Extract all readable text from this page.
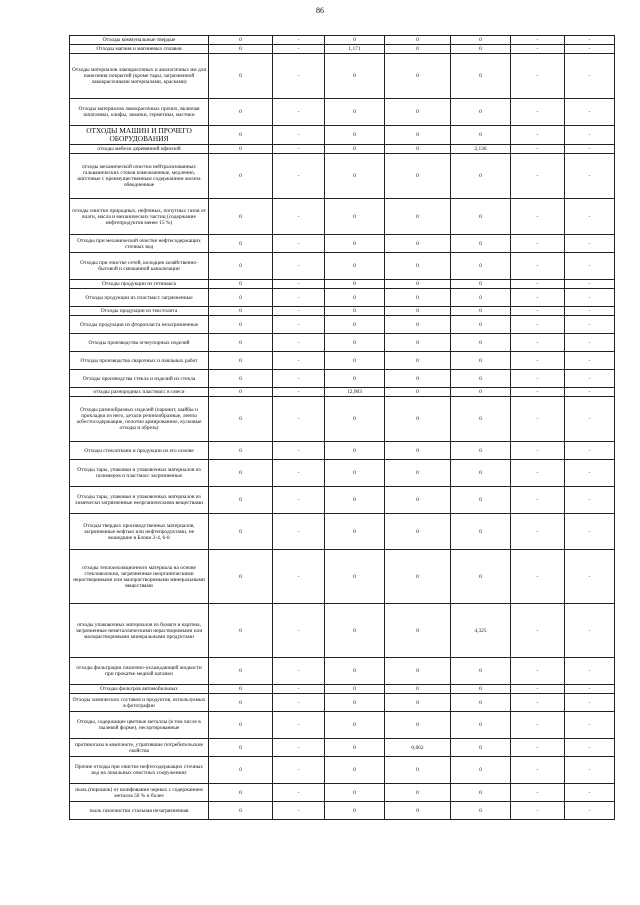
86
Отходы коммунальные твердые	0	-	0	0	0	-	-
Отходы магния и магниевых сплавов	0	-	1,171	0	0	-	-
Отходы материалов лакокрасочных и аналогичных им для нанесения покрытий (кроме тары, загрязненной лакокрасочными материалами, красками)	0	-	0	0	0	-	-
Отходы материалов лакокрасочных прочих, включая шпатлевки, олифы, замазки, герметики, мастики	0	-	0	0	0	-	-
ОТХОДЫ МАШИН И ПРОЧЕГО ОБОРУДОВАНИЯ	0	-	0	0	0	-	-
отходы мебели деревянной офисной	0	-	0	0	2,136	-	-
отходы механической очистки нейтрализованных гальванических стоков измельченные, медленно, шихтовые с преимущественным содержанием железа обводненные	0	-	0	0	0	-	-
отходы очистки природных, нефтяных, попутных газов от влаги, масла и механических частиц (содержание нефтепродуктов менее 15 %)	0	-	0	0	0	-	-
Отходы при механической очистке нефтесодержащих сточных вод	0	-	0	0	0	-	-
Отходы при очистке сетей, колодцев хозяйственно-бытовой и смешанной канализации	0	-	0	0	0	-	-
Отходы продукции из гетинакса	0	-	0	0	0	-	-
Отходы продукции из пластмасс загрязненные	0	-	0	0	0	-	-
Отходы продукции из текстолита	0	-	0	0	0	-	-
Отходы продукции из фторопласта незагрязненные	0	-	0	0	0	-	-
Отходы производства огнеупорных изделий	0	-	0	0	0	-	-
Отходы производства сварочных и паяльных работ	0	-	0	0	0	-	-
Отходы производства стекла и изделий из стекла	0	-	0	0	0	-	-
отходы разнородных пластмасс в смеси	0	-	12,903	0	0	-	-
Отходы разнообразных изделий (паронит, шайбы и прокладки из него, детали резинообразные, ленты асбестосодержащие, полотно армированное, кусковые отходы и обрезь)	0	-	0	0	0	-	-
Отходы стеклоткани и продукции из его основе	0	-	0	0	0	-	-
Отходы тары, упаковки и упаковочных материалов из полимеров и пластмасс загрязненные	0	-	0	0	0	-	-
Отходы тары, упаковки и упаковочных материалов из химически загрязненные неорганическими веществами	0	-	0	0	0	-	-
Отходы твердых производственных материалов, загрязненные нефтью или нефтепродуктами, не вошедшие в Блоки 2-4, 6-8	0	-	0	0	0	-	-
отходы теплоизоляционного материала на основе стекловолокна, загрязненные неорганическими нерастворимыми или малорастворимыми минеральными веществами	0	-	0	0	0	-	-
отходы упаковочных материалов из бумаги и картона, загрязненные неметаллическими нерастворимыми или малорастворимыми минеральными продуктами	0	-	0	0	4,325	-	-
отходы фильтрации смазочно-охлаждающей жидкости при прокатке медной катанки	0	-	0	0	0	-	-
Отходы фильтров автомобильных	0	-	0	0	0	-	-
Отходы химических составов и продуктов, используемых в фотографии	0	-	0	0	0	-	-
Отходы, содержащие цветные металлы (в том числе в пылевой форме), несортированные	0	-	0	0	0	-	-
противогазы в комплекте, утратившие потребительские свойства	0	-	0	0,662	0	-	-
Прочие отходы при очистке нефтесодержащих сточных вод на локальных очистных сооружениях	0	-	0	0	0	-	-
пыль (порошок) от шлифования черных с содержанием металла 50 % и более	0	-	0	0	0	-	-
пыль газоочистки стальная незагрязненная	0	-	0	0	0	-	-
